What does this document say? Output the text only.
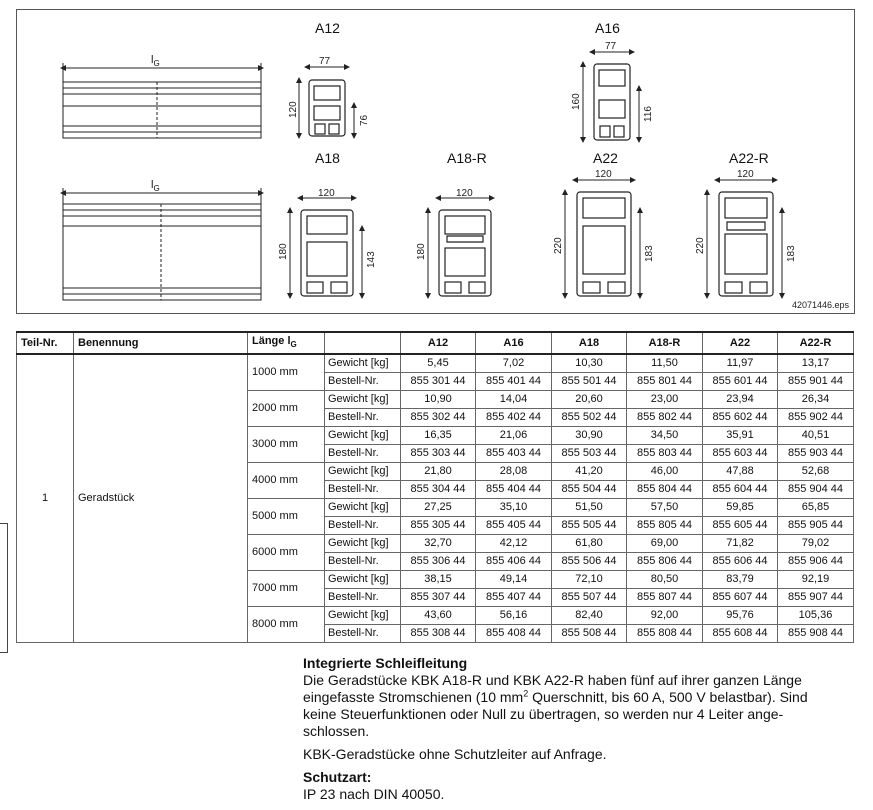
77
120
76
77
160
116
120
180	143
120
180
120
220	183
120
220	183
A12	A16
A18	A18-R	A22	A22-R
$l_G$
$l_G$
42071446.eps
Teil-Nr.	Benennung	Länge $l_G$		A12	A16	A18	A18-R	A22	A22-R
1	Geradstück	1000 mm	Gewicht [kg]	5,45	7,02	10,30	11,50	11,97	13,17
			Bestell-Nr.	855 301 44	855 401 44	855 501 44	855 801 44	855 601 44	855 901 44
		2000 mm	Gewicht [kg]	10,90	14,04	20,60	23,00	23,94	26,34
			Bestell-Nr.	855 302 44	855 402 44	855 502 44	855 802 44	855 602 44	855 902 44
		3000 mm	Gewicht [kg]	16,35	21,06	30,90	34,50	35,91	40,51
			Bestell-Nr.	855 303 44	855 403 44	855 503 44	855 803 44	855 603 44	855 903 44
		4000 mm	Gewicht [kg]	21,80	28,08	41,20	46,00	47,88	52,68
			Bestell-Nr.	855 304 44	855 404 44	855 504 44	855 804 44	855 604 44	855 904 44
		5000 mm	Gewicht [kg]	27,25	35,10	51,50	57,50	59,85	65,85
			Bestell-Nr.	855 305 44	855 405 44	855 505 44	855 805 44	855 605 44	855 905 44
		6000 mm	Gewicht [kg]	32,70	42,12	61,80	69,00	71,82	79,02
			Bestell-Nr.	855 306 44	855 406 44	855 506 44	855 806 44	855 606 44	855 906 44
		7000 mm	Gewicht [kg]	38,15	49,14	72,10	80,50	83,79	92,19
			Bestell-Nr.	855 307 44	855 407 44	855 507 44	855 807 44	855 607 44	855 907 44
		8000 mm	Gewicht [kg]	43,60	56,16	82,40	92,00	95,76	105,36
			Bestell-Nr.	855 308 44	855 408 44	855 508 44	855 808 44	855 608 44	855 908 44

Integrierte Schleifleitung

Die Geradstücke KBK A18-R und KBK A22-R haben fünf auf ihrer ganzen Länge eingefasste Stromschienen (10 $mm^2$ Querschnitt, bis 60 A, 500 V belastbar). Sind keine Steuerfunktionen oder Null zu übertragen, so werden nur 4 Leiter ange-schlossen.

KBK-Geradstücke ohne Schutzleiter auf Anfrage.

Schutzart:

IP 23 nach DIN 40050.
